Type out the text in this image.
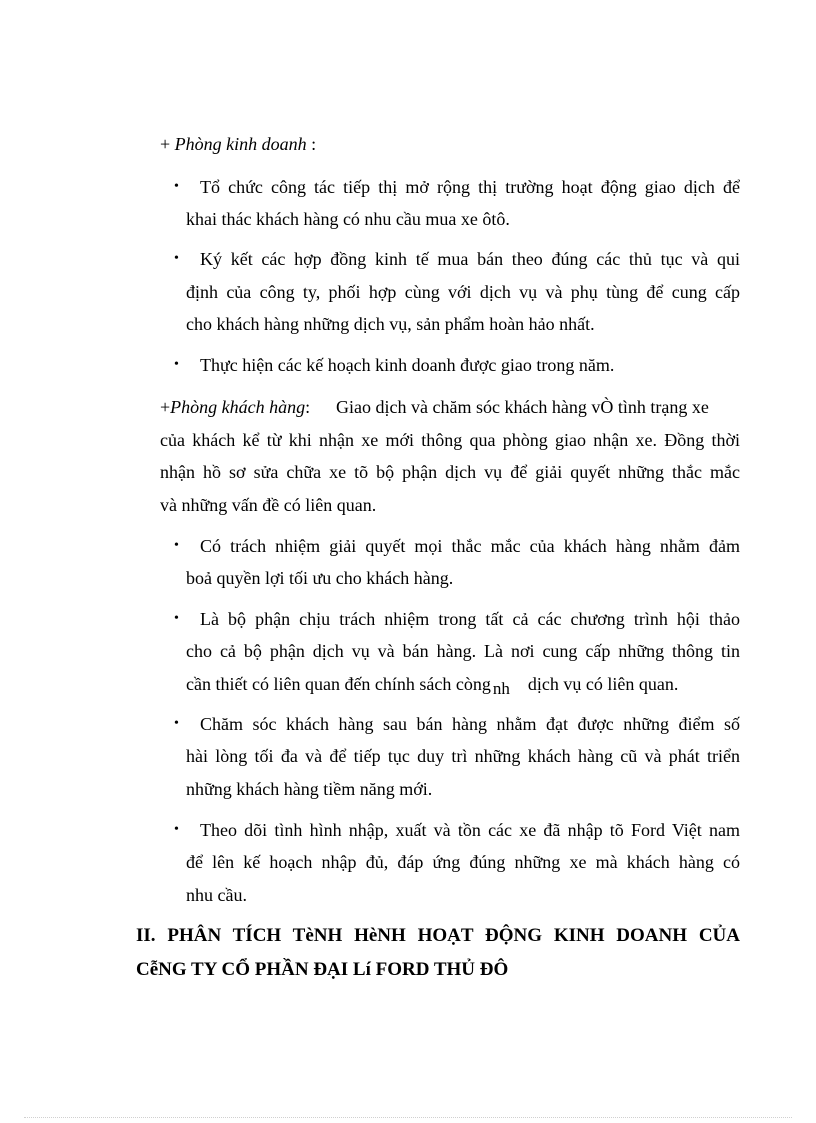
+ Phòng kinh doanh :
• Tổ chức công tác tiếp thị mở rộng thị trường hoạt động giao dịch để
khai thác khách hàng có nhu cầu mua xe ôtô.
• Ký kết các hợp đồng kinh tế mua bán theo đúng các thủ tục và qui
định của công ty, phối hợp cùng với dịch vụ và phụ tùng để cung cấp
cho khách hàng những dịch vụ, sản phẩm hoàn hảo nhất.
• Thực hiện các kế hoạch kinh doanh được giao trong năm.
+Phòng khách hàng: Giao dịch và chăm sóc khách hàng vÒ tình trạng xe
của khách kể từ khi nhận xe mới thông qua phòng giao nhận xe. Đồng thời
nhận hồ sơ sửa chữa xe tõ bộ phận dịch vụ để giải quyết những thắc mắc
và những vấn đề có liên quan.
• Có trách nhiệm giải quyết mọi thắc mắc của khách hàng nhằm đảm
boả quyền lợi tối ưu cho khách hàng.
• Là bộ phận chịu trách nhiệm trong tất cả các chương trình hội thảo
cho cả bộ phận dịch vụ và bán hàng. Là nơi cung cấp những thông tin
cần thiết có liên quan đến chính sách còng nh dịch vụ có liên quan.
• Chăm sóc khách hàng sau bán hàng nhằm đạt được những điểm số
hài lòng tối đa và để tiếp tục duy trì những khách hàng cũ và phát triển
những khách hàng tiềm năng mới.
• Theo dõi tình hình nhập, xuất và tồn các xe đã nhập tõ Ford Việt nam
để lên kế hoạch nhập đủ, đáp ứng đúng những xe mà khách hàng có
nhu cầu.
II. PHÂN TÍCH TèNH HèNH HOẠT ĐỘNG KINH DOANH CỦA
CễNG TY CỔ PHẦN ĐẠI Lí FORD THỦ ĐÔ
